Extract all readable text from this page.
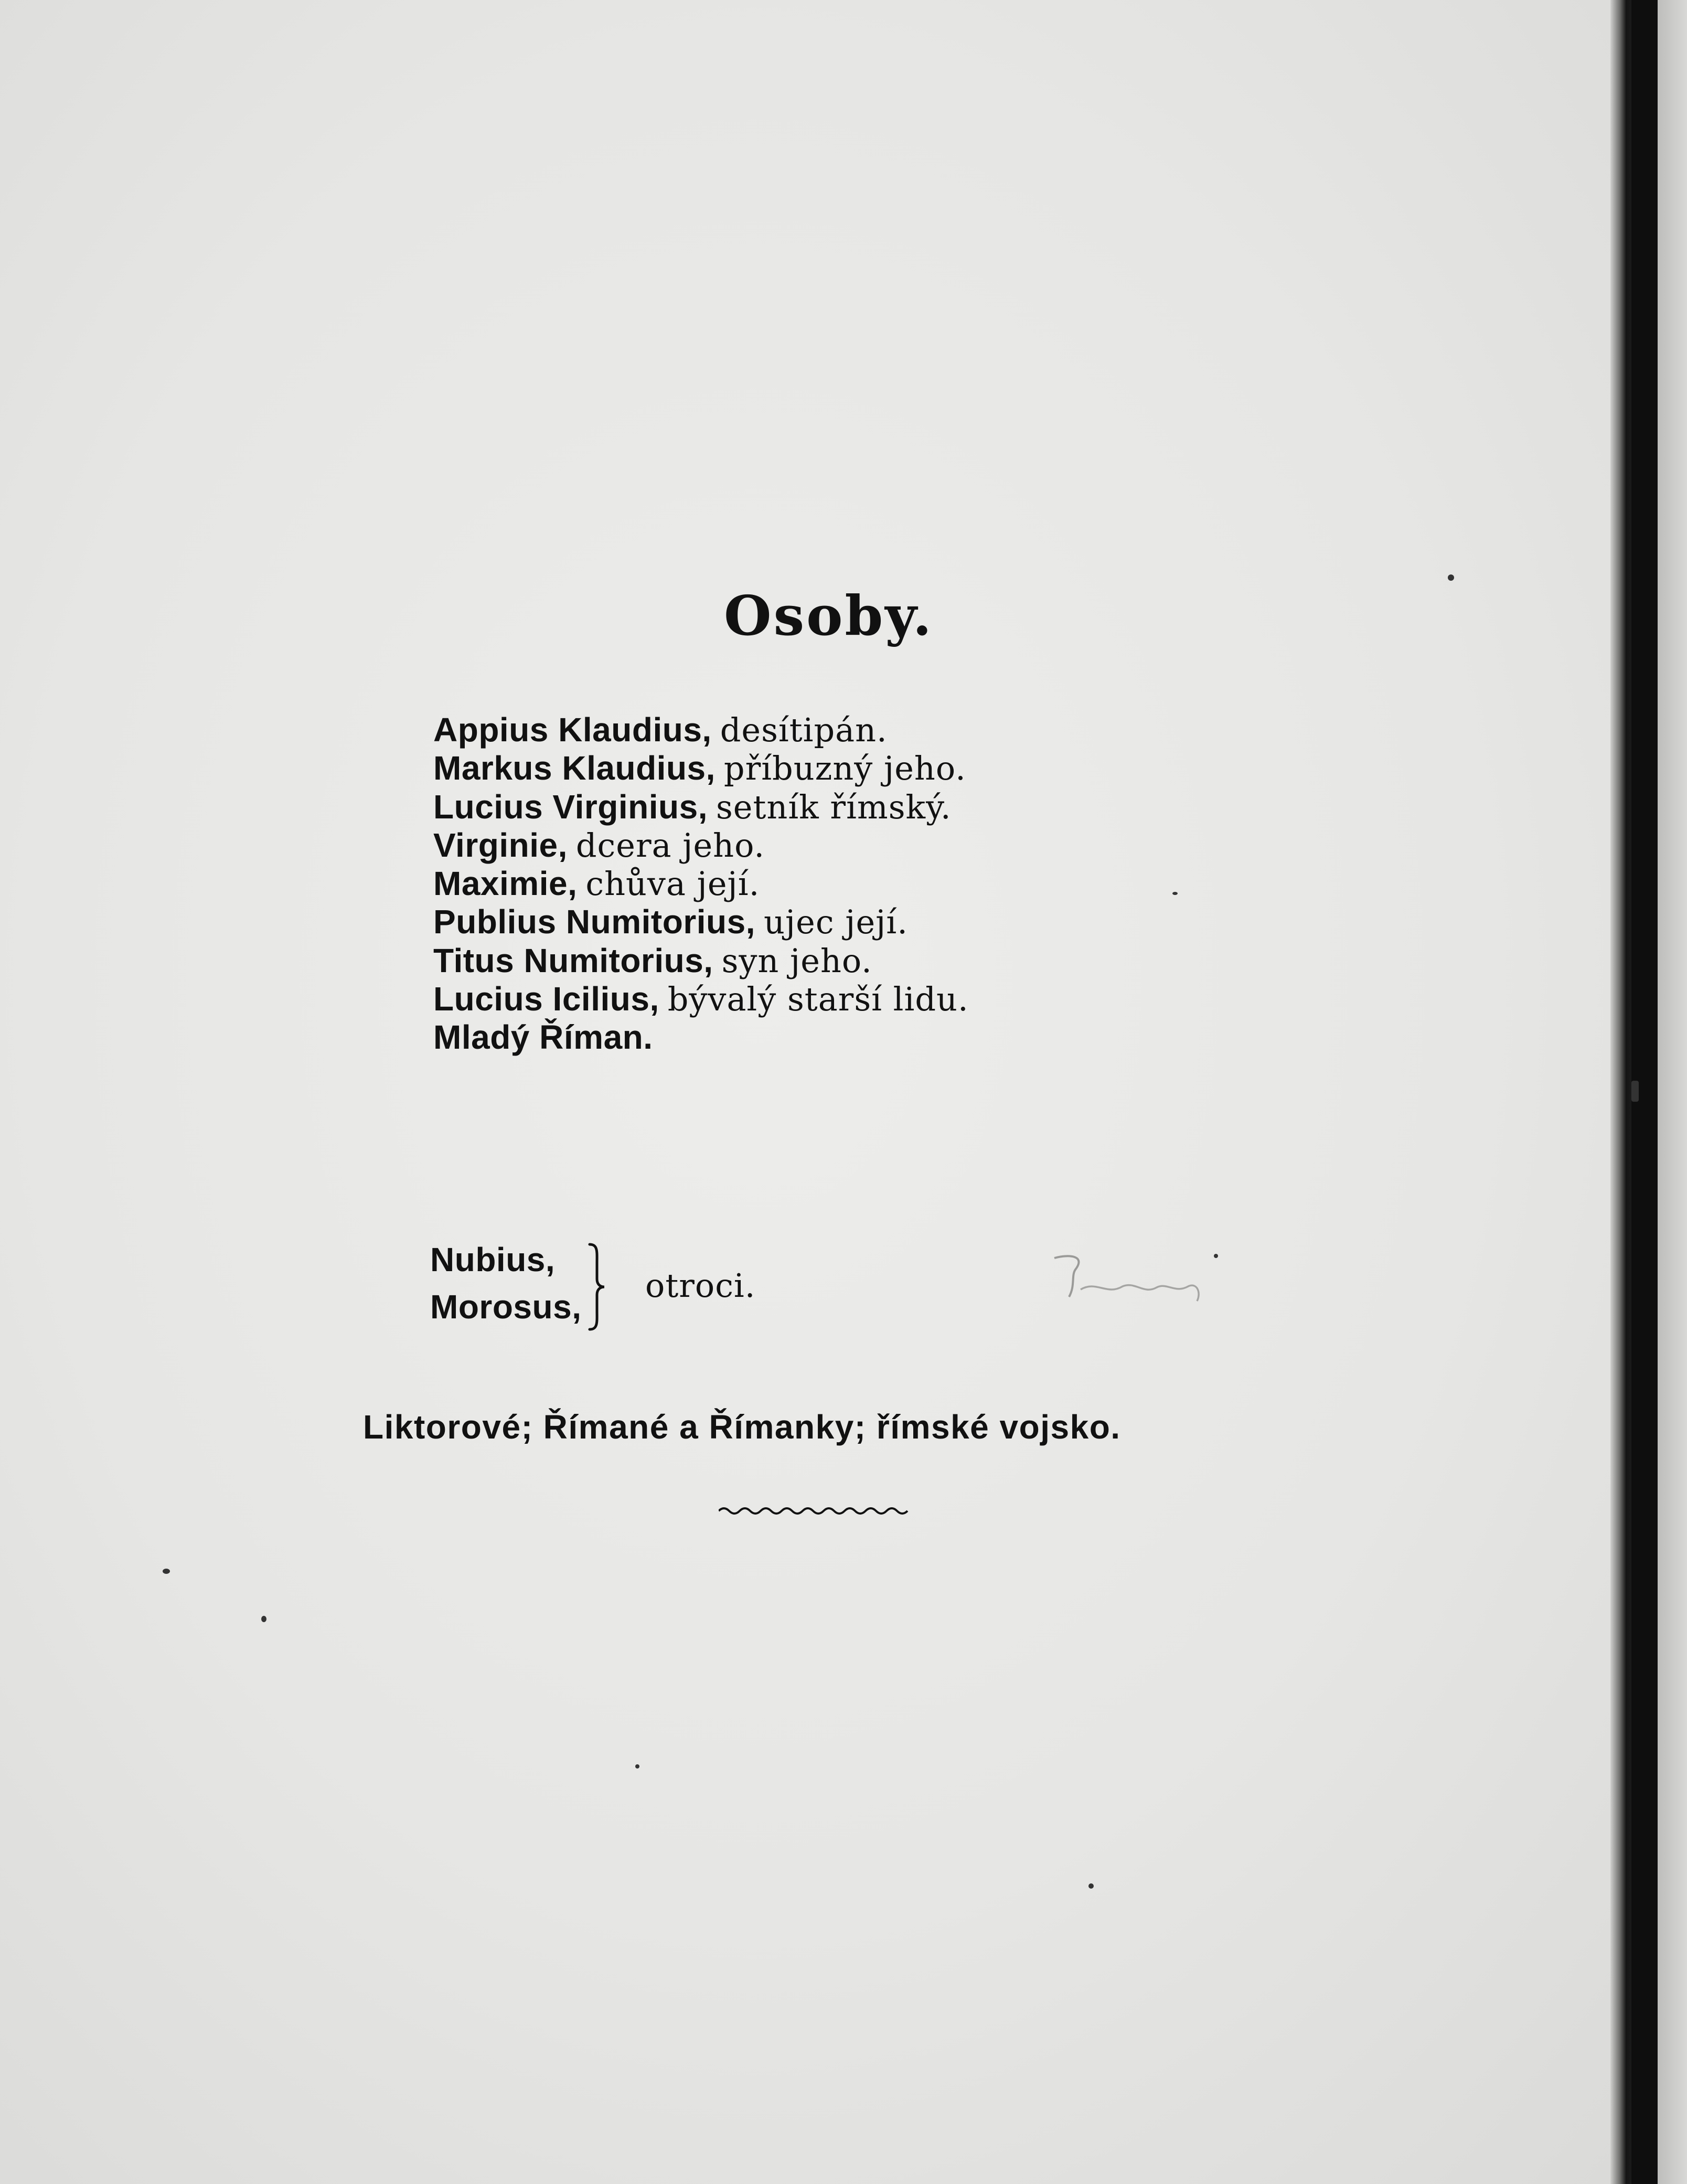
Osoby.
Appius Klaudius, desítipán.
Markus Klaudius, příbuzný jeho.
Lucius Virginius, setník římský.
Virginie, dcera jeho.
Maximie, chůva její.
Publius Numitorius, ujec její.
Titus Numitorius, syn jeho.
Lucius Icilius, bývalý starší lidu.
Mladý Říman.
Nubius,
Morosus,
otroci.
Liktorové; Římané a Římanky; římské vojsko.
